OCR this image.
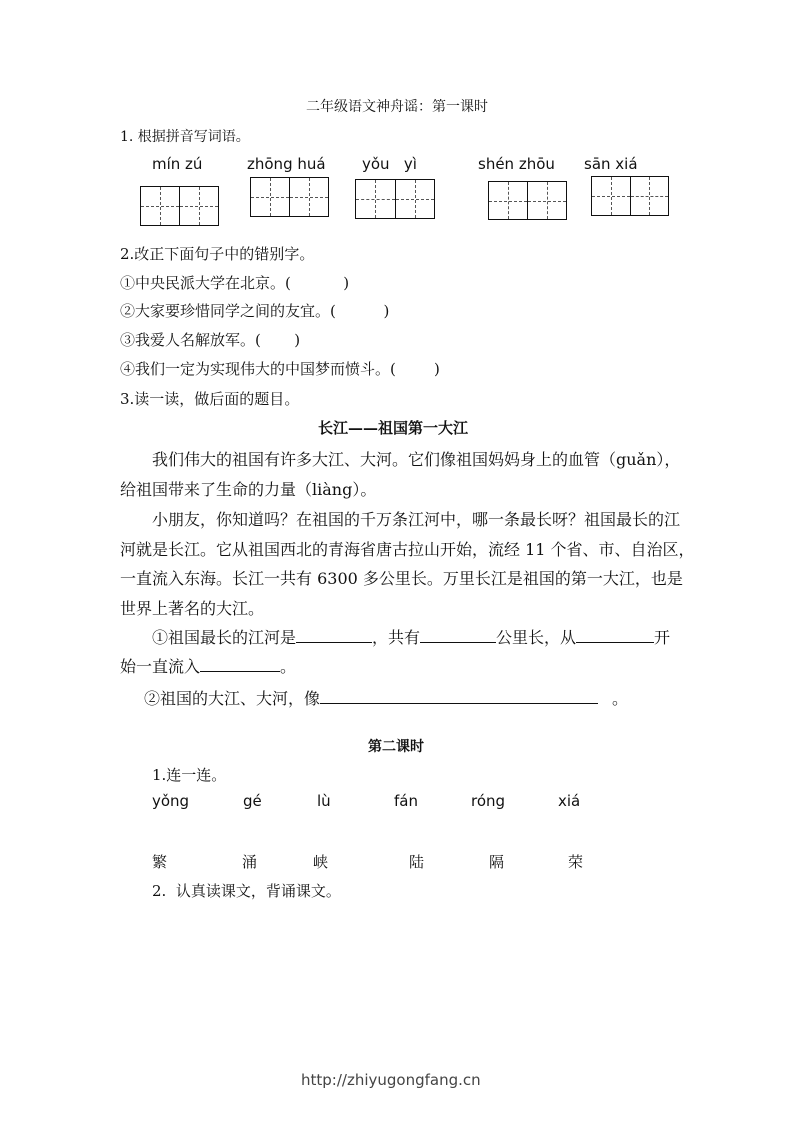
二年级语文神舟谣：第一课时
1. 根据拼音写词语。
mín zú	zhōng huá yǒu   yì	shén zhōu sān xiá
2.改正下面句子中的错别字。
①中央民派大学在北京。(           )
②大家要珍惜同学之间的友宜。(          )
③我爱人名解放军。(       )
④我们一定为实现伟大的中国梦而愤斗。(        )
3.读一读，做后面的题目。
长江——祖国第一大江
我们伟大的祖国有许多大江、大河。它们像祖国妈妈身上的血管（guǎn），
给祖国带来了生命的力量（liàng）。
小朋友，你知道吗？在祖国的千万条江河中，哪一条最长呀？祖国最长的江
河就是长江。它从祖国西北的青海省唐古拉山开始，流经 11 个省、市、自治区，
一直流入东海。长江一共有 6300 多公里长。万里长江是祖国的第一大江，也是
世界上著名的大江。
①祖国最长的江河是	，共有	公里长，从	开
始一直流入	。
②祖国的大江、大河，像	。
第二课时
1.连一连。
yǒng	gé	lù	fán	róng	xiá
繁	涌	峡	陆	隔	荣
2.  认真读课文，背诵课文。
http://zhiyugongfang.cn
